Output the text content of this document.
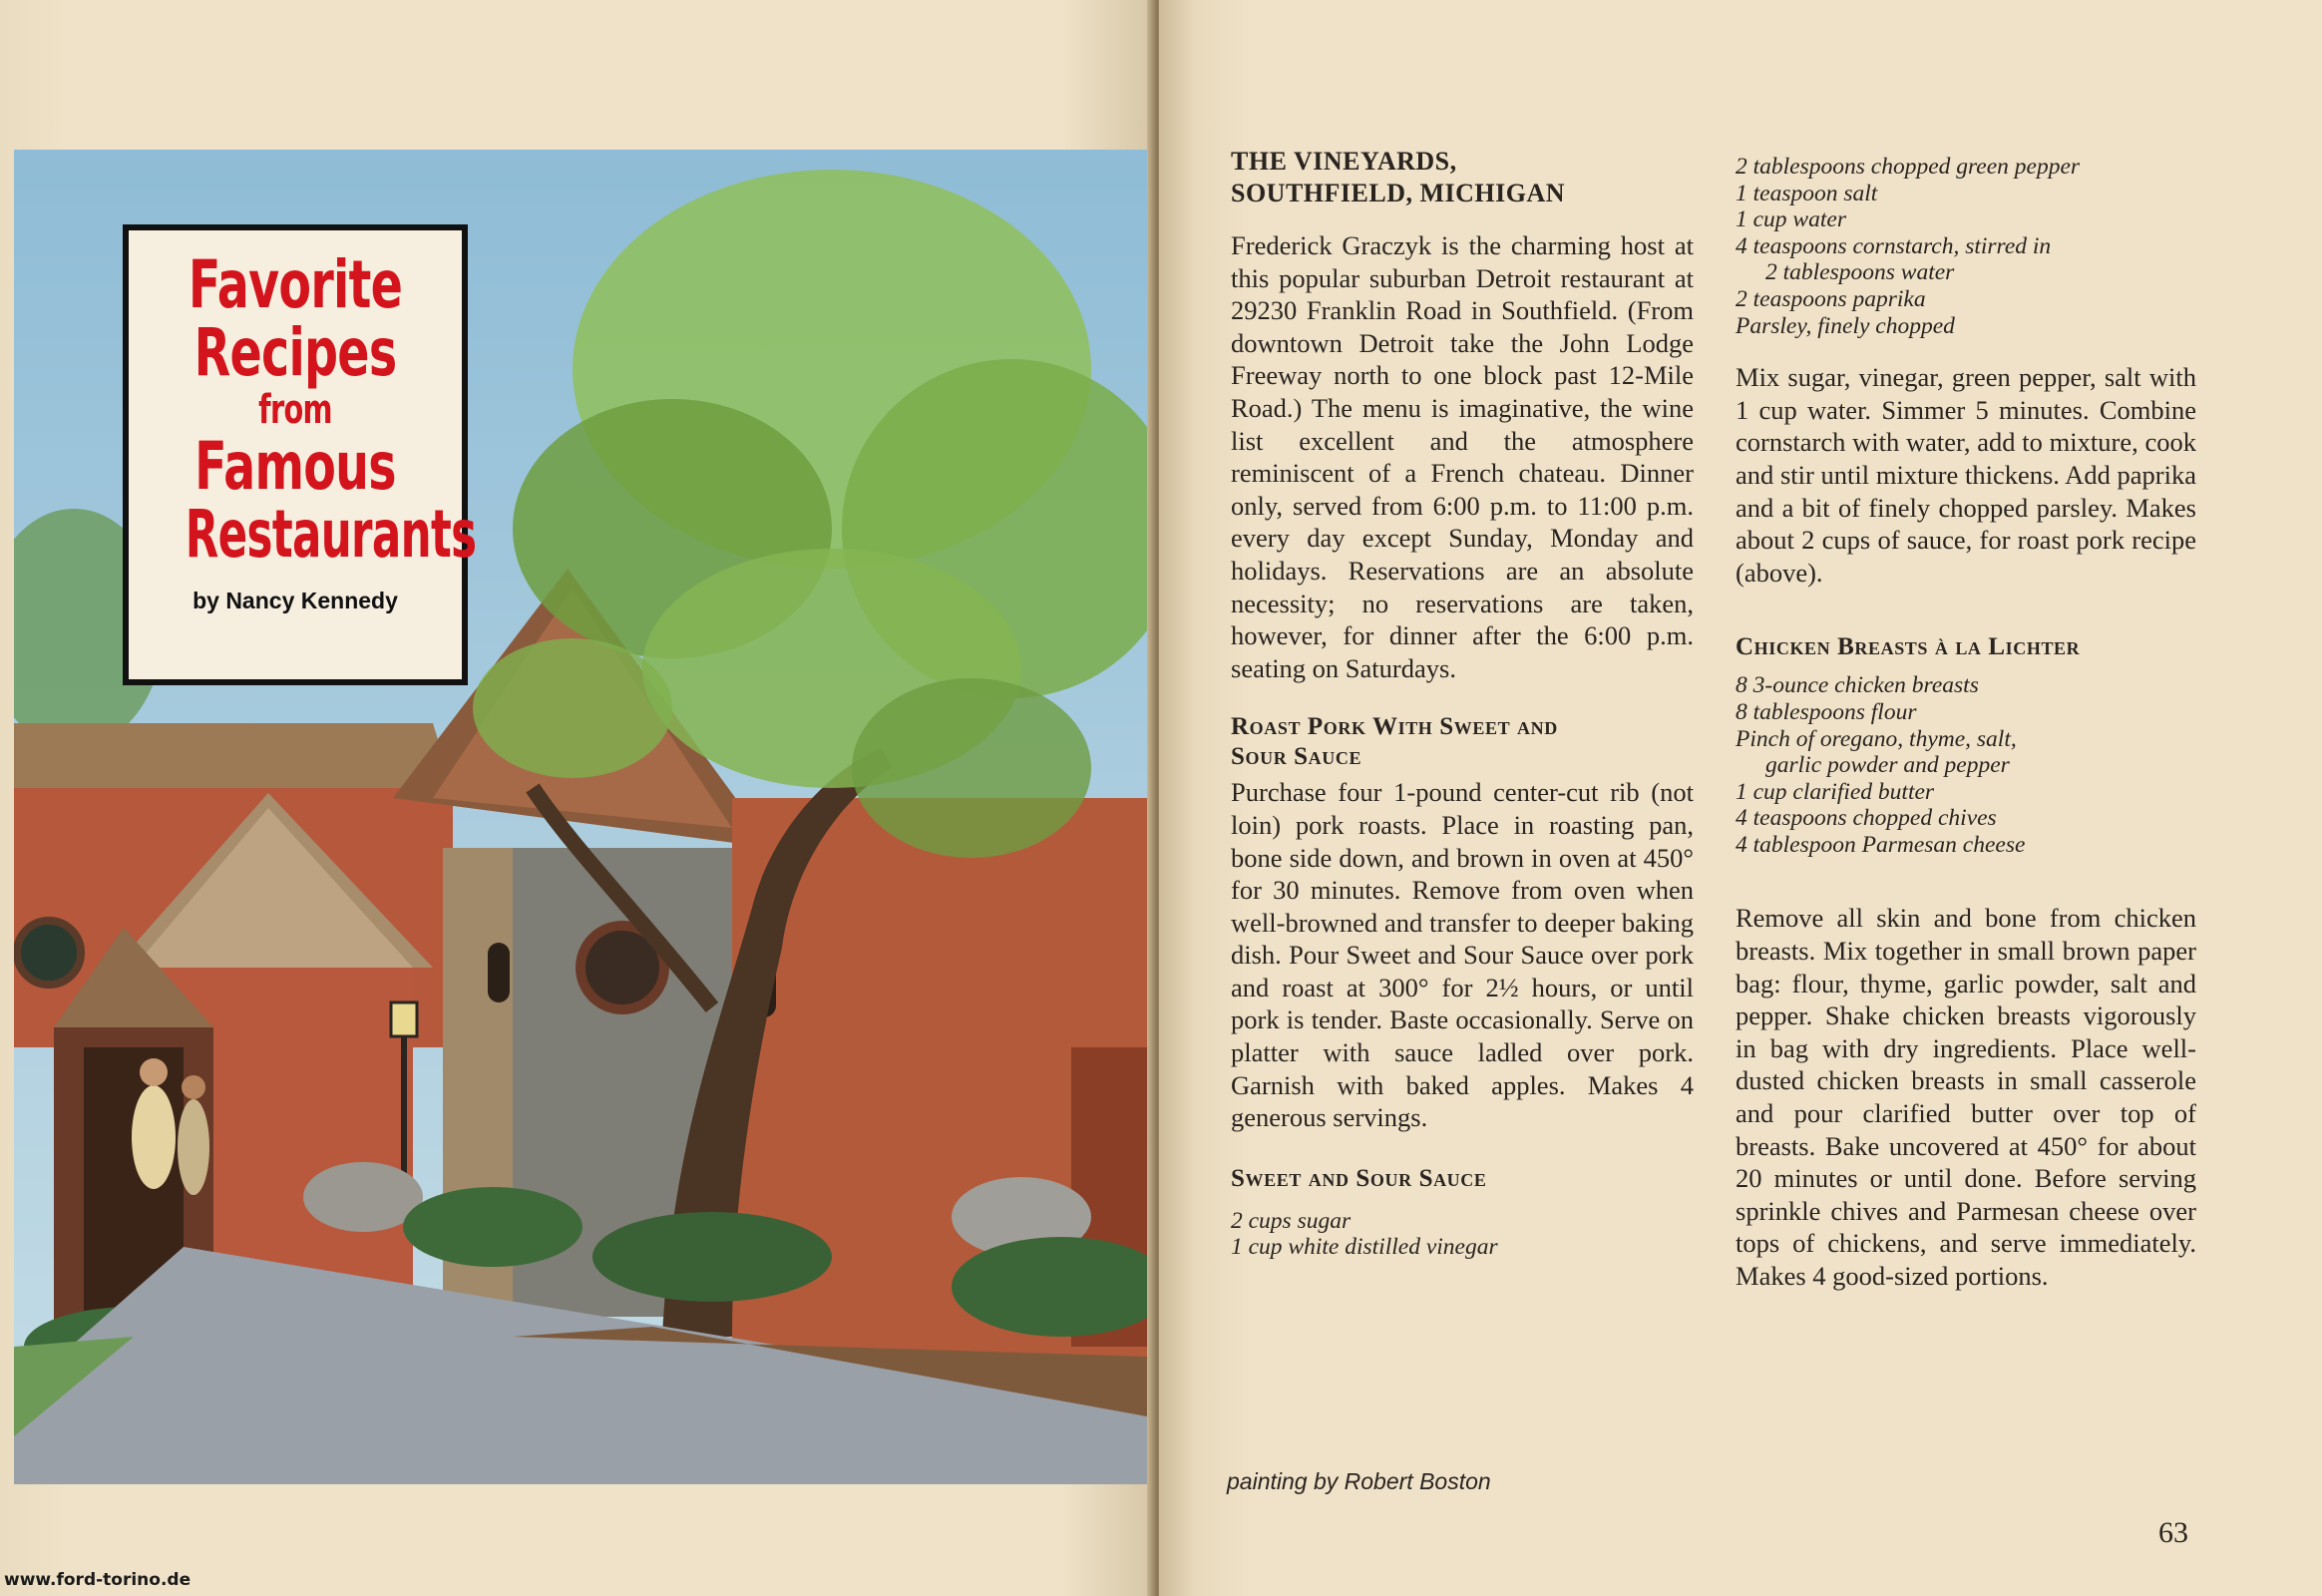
Favorite
Recipes
from
Famous
Restaurants
by Nancy Kennedy
www.ford-torino.de
THE VINEYARDS,
SOUTHFIELD, MICHIGAN

Frederick Graczyk is the charming host at this popular suburban Detroit restaurant at 29230 Franklin Road in Southfield. (From downtown Detroit take the John Lodge Freeway north to one block past 12-Mile Road.) The menu is imaginative, the wine list excellent and the atmosphere reminiscent of a French chateau. Dinner only, served from 6:00 p.m. to 11:00 p.m. every day except Sunday, Monday and holidays. Reservations are an absolute necessity; no reservations are taken, however, for dinner after the 6:00 p.m. seating on Saturdays.

Roast Pork With Sweet and
Sour Sauce

Purchase four 1-pound center-cut rib (not loin) pork roasts. Place in roasting pan, bone side down, and brown in oven at 450° for 30 minutes. Remove from oven when well-browned and transfer to deeper baking dish. Pour Sweet and Sour Sauce over pork and roast at 300° for 2½ hours, or until pork is tender. Baste occasionally. Serve on platter with sauce ladled over pork. Garnish with baked apples. Makes 4 generous servings.

Sweet and Sour Sauce
2 cups sugar
1 cup white distilled vinegar
2 tablespoons chopped green pepper
1 teaspoon salt
1 cup water
4 teaspoons cornstarch, stirred in
2 tablespoons water
2 teaspoons paprika
Parsley, finely chopped

Mix sugar, vinegar, green pepper, salt with 1 cup water. Simmer 5 minutes. Combine cornstarch with water, add to mixture, cook and stir until mixture thickens. Add paprika and a bit of finely chopped parsley. Makes about 2 cups of sauce, for roast pork recipe (above).

Chicken Breasts à la Lichter
8 3-ounce chicken breasts
8 tablespoons flour
Pinch of oregano, thyme, salt,
garlic powder and pepper
1 cup clarified butter
4 teaspoons chopped chives
4 tablespoon Parmesan cheese

Remove all skin and bone from chicken breasts. Mix together in small brown paper bag: flour, thyme, garlic powder, salt and pepper. Shake chicken breasts vigorously in bag with dry ingredients. Place well-dusted chicken breasts in small casserole and pour clarified butter over top of breasts. Bake uncovered at 450° for about 20 minutes or until done. Before serving sprinkle chives and Parmesan cheese over tops of chickens, and serve immediately. Makes 4 good-sized portions.

painting by Robert Boston
63
